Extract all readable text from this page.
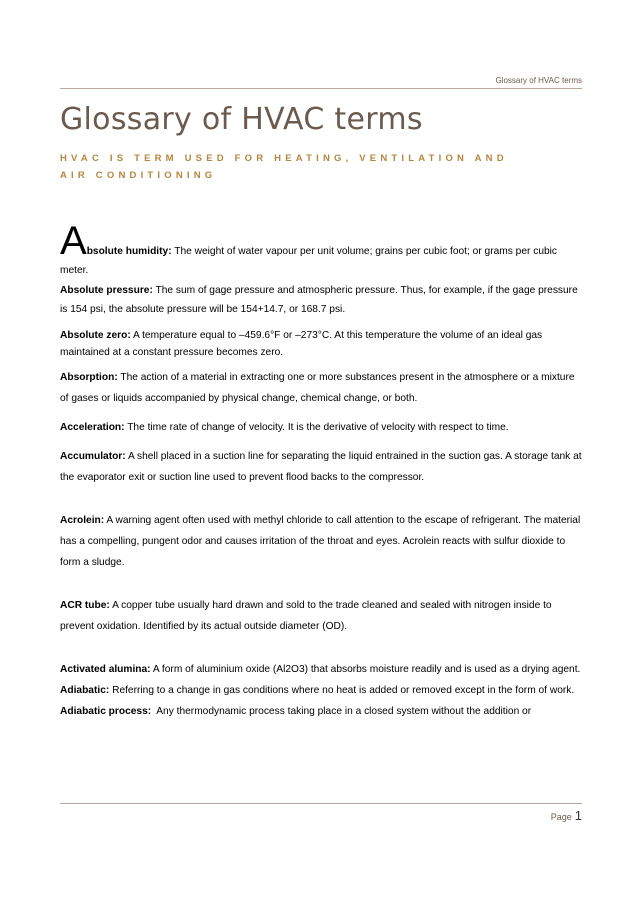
Glossary of HVAC terms
Glossary of HVAC terms
HVAC IS TERM USED FOR HEATING, VENTILATION AND AIR CONDITIONING

Absolute humidity: The weight of water vapour per unit volume; grains per cubic foot; or grams per cubic meter.

Absolute pressure: The sum of gage pressure and atmospheric pressure. Thus, for example, if the gage pressure is 154 psi, the absolute pressure will be 154+14.7, or 168.7 psi.

Absolute zero: A temperature equal to –459.6°F or –273°C. At this temperature the volume of an ideal gas maintained at a constant pressure becomes zero.

Absorption: The action of a material in extracting one or more substances present in the atmosphere or a mixture of gases or liquids accompanied by physical change, chemical change, or both.

Acceleration: The time rate of change of velocity. It is the derivative of velocity with respect to time.

Accumulator: A shell placed in a suction line for separating the liquid entrained in the suction gas. A storage tank at the evaporator exit or suction line used to prevent flood backs to the compressor.

Acrolein: A warning agent often used with methyl chloride to call attention to the escape of refrigerant. The material has a compelling, pungent odor and causes irritation of the throat and eyes. Acrolein reacts with sulfur dioxide to form a sludge.

ACR tube: A copper tube usually hard drawn and sold to the trade cleaned and sealed with nitrogen inside to prevent oxidation. Identified by its actual outside diameter (OD).

Activated alumina: A form of aluminium oxide (Al2O3) that absorbs moisture readily and is used as a drying agent.

Adiabatic: Referring to a change in gas conditions where no heat is added or removed except in the form of work.

Adiabatic process:  Any thermodynamic process taking place in a closed system without the addition or

Page 1
